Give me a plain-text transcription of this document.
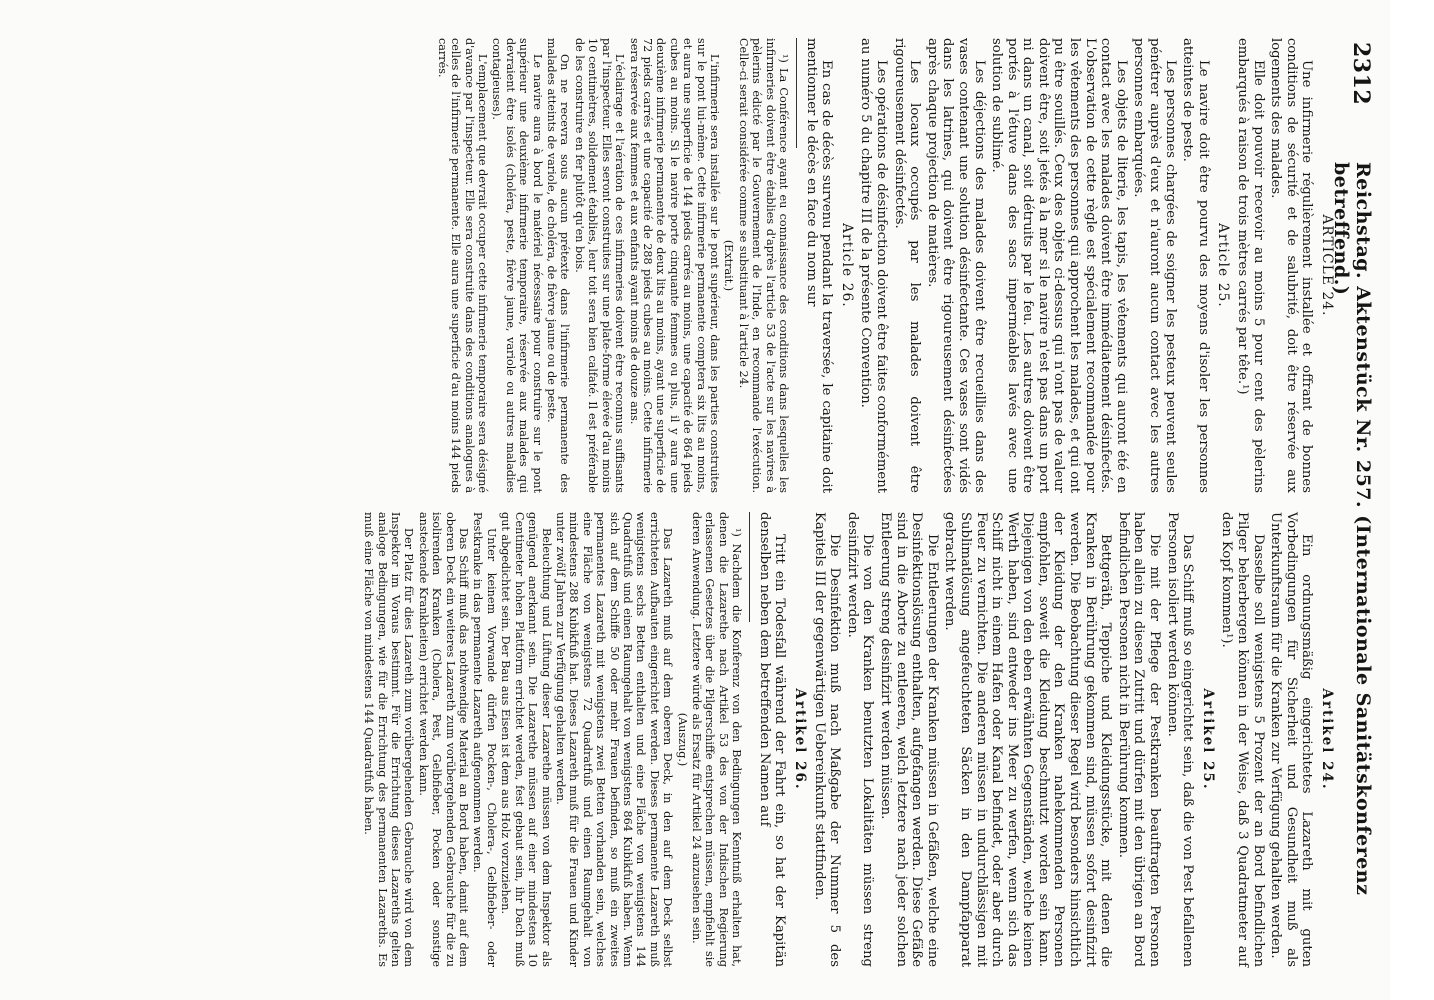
2312
Reichstag. Aktenstück Nr. 257. (Internationale Sanitätskonferenz betreffend.)

ARTICLE 24.

Une infirmerie régulièrement installée et offrant de bonnes conditions de sécurité et de salubrité, doit être réservée aux logements des malades.

Elle doit pouvoir recevoir au moins 5 pour cent des pèlerins embarqués à raison de trois mètres carrés par tête.¹)

Article 25.

Le navire doit être pourvu des moyens d'isoler les personnes atteintes de peste.

Les personnes chargées de soigner les pesteux peuvent seules pénétrer auprès d'eux et n'auront aucun contact avec les autres personnes embarquées.

Les objets de literie, les tapis, les vêtements qui auront été en contact avec les malades doivent être immédiatement désinfectés. L'observation de cette règle est spécialement recommandée pour les vêtements des personnes qui approchent les malades, et qui ont pu être souillés. Ceux des objets ci-dessus qui n'ont pas de valeur doivent être, soit jetés à la mer si le navire n'est pas dans un port ni dans un canal, soit détruits par le feu. Les autres doivent être portés à l'étuve dans des sacs imperméables lavés avec une solution de sublimé.

Les déjections des malades doivent être recueillies dans des vases contenant une solution désinfectante. Ces vases sont vidés dans les latrines, qui doivent être rigoureusement désinfectées après chaque projection de matières.

Les locaux occupés par les malades doivent être rigoureusement désinfectés.

Les opérations de désinfection doivent être faites conformément au numéro 5 du chapitre III de la présente Convention.

Article 26.

En cas de décès survenu pendant la traversée, le capitaine doit mentionner le décès en face du nom sur

¹) La Conférence ayant eu connaissance des conditions dans lesquelles les infirmeries doivent être établies d'après l'article 53 de l'acte sur les navires à pèlerins édicté par le Gouvernement de l'Inde, en recommande l'exécution. Celle-ci serait considérée comme se substituant à l'article 24.

(Extrait.)

L'infirmerie sera installée sur le pont supérieur, dans les parties construites sur le pont lui-même. Cette infirmerie permanente comptera six lits au moins, et aura une superficie de 144 pieds carrés au moins, une capacité de 864 pieds cubes au moins. Si le navire porte cinquante femmes ou plus, il y aura une deuxième infirmerie permanente de deux lits au moins, ayant une superficie de 72 pieds carrés et une capacité de 288 pieds cubes au moins. Cette infirmerie sera réservée aux femmes et aux enfants ayant moins de douze ans.

L'éclairage et l'aération de ces infirmeries doivent être reconnus suffisants par l'inspecteur. Elles seront construites sur une plate-forme élevée d'au moins 10 centimètres, solidement établies, leur toit sera bien calfaté. Il est préférable de les construire en fer plutôt qu'en bois.

On ne recevra sous aucun prétexte dans l'infirmerie permanente des malades atteints de variole, de choléra, de fièvre jaune ou de peste.

Le navire aura à bord le matériel nécessaire pour construire sur le pont supérieur une deuxième infirmerie temporaire, réservée aux malades qui devraient être isolés (choléra, peste, fièvre jaune, variole ou autres maladies contagieuses).

L'emplacement que devrait occuper cette infirmerie temporaire sera désigné d'avance par l'inspecteur. Elle sera construite dans des conditions analogues à celles de l'infirmerie permanente. Elle aura une superficie d'au moins 144 pieds carrés.

Artikel 24.

Ein ordnungsmäßig eingerichtetes Lazareth mit guten Vorbedingungen für Sicherheit und Gesundheit muß als Unterkunftsraum für die Kranken zur Verfügung gehalten werden.

Dasselbe soll wenigstens 5 Prozent der an Bord befindlichen Pilger beherbergen können in der Weise, daß 3 Quadratmeter auf den Kopf kommen¹).

Artikel 25.

Das Schiff muß so eingerichtet sein, daß die von Pest befallenen Personen isoliert werden können.

Die mit der Pflege der Pestkranken beauftragten Personen haben allein zu diesen Zutritt und dürfen mit den übrigen an Bord befindlichen Personen nicht in Berührung kommen.

Bettgeräth, Teppiche und Kleidungsstücke, mit denen die Kranken in Berührung gekommen sind, müssen sofort desinfizirt werden. Die Beobachtung dieser Regel wird besonders hinsichtlich der Kleidung der den Kranken nahekommenden Personen empfohlen, soweit die Kleidung beschmutzt worden sein kann. Diejenigen von den eben erwähnten Gegenständen, welche keinen Werth haben, sind entweder ins Meer zu werfen, wenn sich das Schiff nicht in einem Hafen oder Kanal befindet, oder aber durch Feuer zu vernichten. Die anderen müssen in undurchlässigen mit Sublimatlösung angefeuchteten Säcken in den Dampfapparat gebracht werden.

Die Entleerungen der Kranken müssen in Gefäßen, welche eine Desinfektionslösung enthalten, aufgefangen werden. Diese Gefäße sind in die Aborte zu entleeren, welch letztere nach jeder solchen Entleerung streng desinfizirt werden müssen.

Die von den Kranken benutzten Lokalitäten müssen streng desinfizirt werden.

Die Desinfektion muß nach Maßgabe der Nummer 5 des Kapitels III der gegenwärtigen Uebereinkunft stattfinden.

Artikel 26.

Tritt ein Todesfall während der Fahrt ein, so hat der Kapitän denselben neben dem betreffenden Namen auf

¹) Nachdem die Konferenz von den Bedingungen Kenntniß erhalten hat, denen die Lazarethe nach Artikel 53 des von der Indischen Regierung erlassenen Gesetzes über die Pilgerschiffe entsprechen müssen, empfiehlt sie deren Anwendung. Letztere würde als Ersatz für Artikel 24 anzusehen sein.

(Auszug.)

Das Lazareth muß auf dem oberen Deck, in den auf dem Deck selbst errichteten Aufbauten eingerichtet werden. Dieses permanente Lazareth muß wenigstens sechs Betten enthalten und eine Fläche von wenigstens 144 Quadratfuß und einen Raumgehalt von wenigstens 864 Kubikfuß haben. Wenn sich auf dem Schiffe 50 oder mehr Frauen befinden, so muß ein zweites permanentes Lazareth mit wenigstens zwei Betten vorhanden sein, welches eine Fläche von wenigstens 72 Quadratfuß und einen Raumgehalt von mindestens 288 Kubikfuß hat. Dieses Lazareth muß für die Frauen und Kinder unter zwölf Jahren zur Verfügung gehalten werden.

Beleuchtung und Lüftung dieser Lazarethe müssen von dem Inspektor als genügend anerkannt sein. Die Lazarethe müssen auf einer mindestens 10 Centimeter hohen Plattform errichtet werden, fest gebaut sein, ihr Dach muß gut abgedichtet sein. Der Bau aus Eisen ist dem aus Holz vorzuziehen.

Unter keinem Vorwande dürfen Pocken-, Cholera-, Gelbfieber- oder Pestkranke in das permanente Lazareth aufgenommen werden.

Das Schiff muß das nothwendige Material an Bord haben, damit auf dem oberen Deck ein weiteres Lazareth zum vorübergehenden Gebrauche für die zu isolirenden Kranken (Cholera, Pest, Gelbfieber, Pocken oder sonstige ansteckende Krankheiten) errichtet werden kann.

Der Platz für dies Lazareth zum vorübergehenden Gebrauche wird von dem Inspektor im Voraus bestimmt. Für die Errichtung dieses Lazareths gelten analoge Bedingungen, wie für die Errichtung des permanenten Lazareths. Es muß eine Fläche von mindestens 144 Quadratfuß haben.
